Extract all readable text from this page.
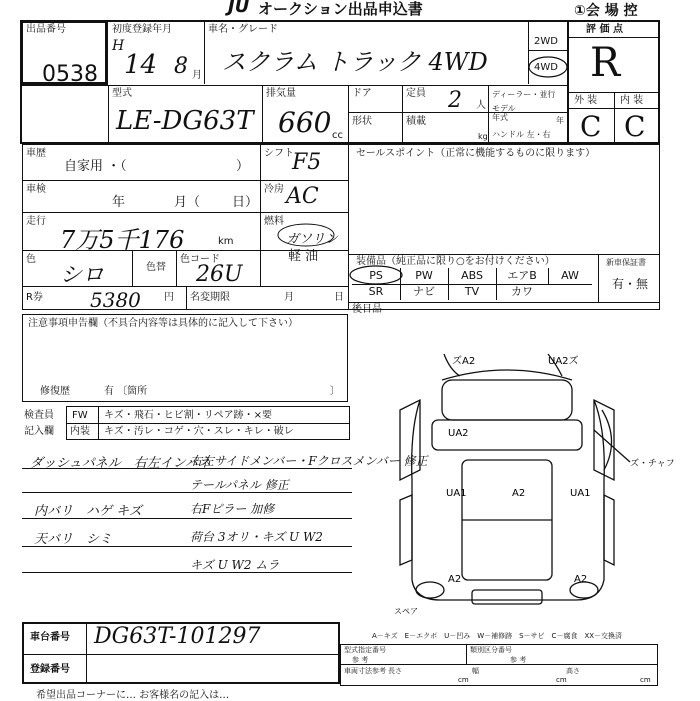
JU オークション出品申込書	①会 場 控
出品番号
0538
初度登録年月
H
14 8 月
車名・グレード
スクラム トラック 4WD
2WD
4WD
評 価 点
R
型式
LE-DG63T
排気量
660 cc
ドア	定員 2 人
ディーラー・並行
モデル 年式	年
形状	積載
kg ハンドル 左・右
外 装 内 装
C C
車歴
自家用 ・（	）
シフト
F5	セールスポイント（正常に機能するものに限ります）
車検
年	月（ 日）
冷房 AC
走行
7万5千176	km
燃料
ガソリン
軽 油
色
シロ	色替
色コード
26U
R券 5380 円 名変期限	月	日
装備品（純正品に限り○をお付けください）	新車保証書
有・無
後日品
PS	PW	ABS	エアB	AW
SR	ナビ	TV	カワ
注意事項申告欄（不具合内容等は具体的に記入して下さい）
修復歴	有 〔箇所	〕
検査員
記入欄
FW キズ・飛石・ヒビ割・リペア跡・×要
内装 キズ・汚レ・コゲ・穴・スレ・キレ・破レ
ダッシュパネル　右左インパネ
内バリ　ハゲ キズ
天バリ　シミ
右左サイドメンバー・Fクロスメンバー 修正
テールパネル 修正
右Fピラー 加修
荷台 3オリ・キズ U W2
キズ U W2 ムラ
ズA2	UA2ズ
UA2
UA1	A2	UA1
A2	A2
スペア
ズ・チャフ
車台番号 DG63T-101297
登録番号
A－キズ　E－エクボ　U－凹み　W－補修跡　S－サビ　C－腐食　XX－交換済
型式指定番号
参 考
類別区分番号
参 考
車両寸法参考 長さ
cm
幅
cm
高さ
cm
希望出品コーナーに… お客様名の記入は…
